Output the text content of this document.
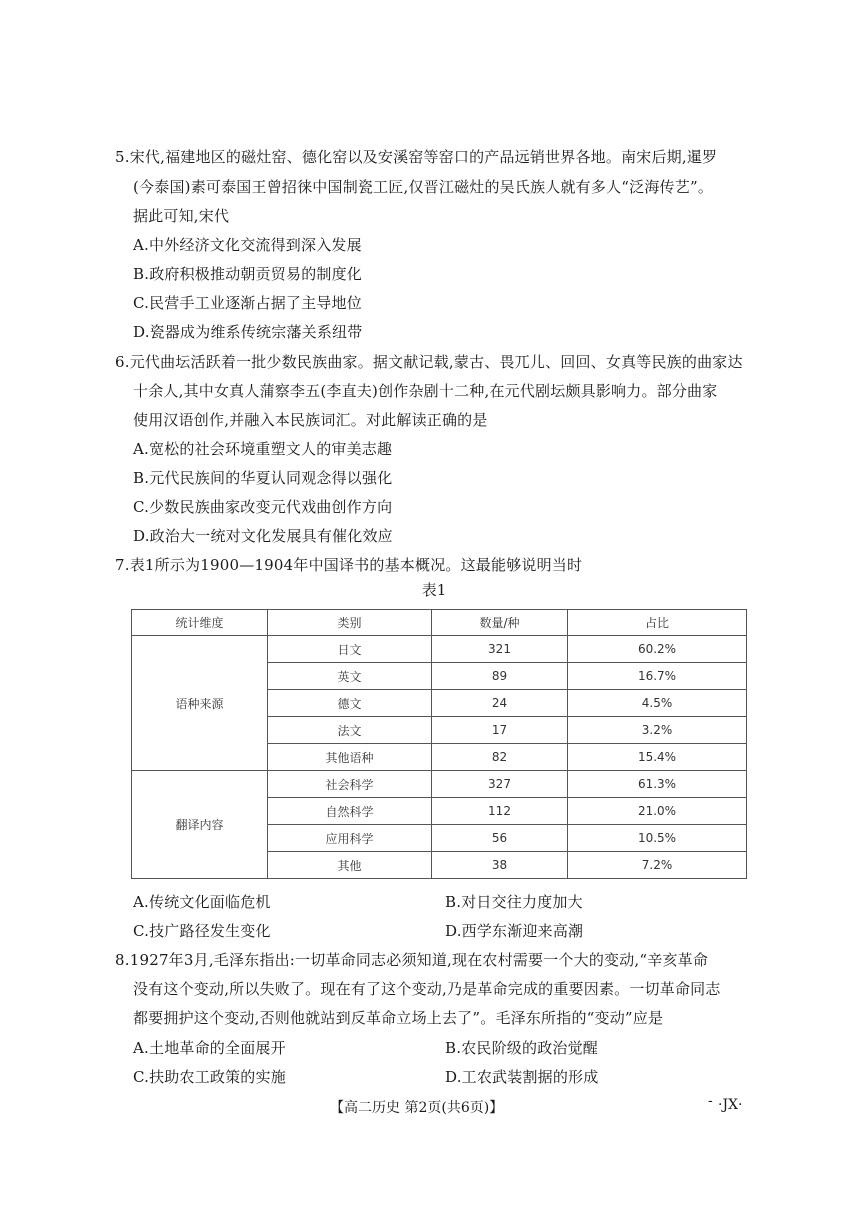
5.宋代,福建地区的磁灶窑、德化窑以及安溪窑等窑口的产品远销世界各地。南宋后期,暹罗
(今泰国)素可泰国王曾招徕中国制瓷工匠,仅晋江磁灶的吴氏族人就有多人“泛海传艺”。
据此可知,宋代
A.中外经济文化交流得到深入发展
B.政府积极推动朝贡贸易的制度化
C.民营手工业逐渐占据了主导地位
D.瓷器成为维系传统宗藩关系纽带
6.元代曲坛活跃着一批少数民族曲家。据文献记载,蒙古、畏兀儿、回回、女真等民族的曲家达
十余人,其中女真人蒲察李五(李直夫)创作杂剧十二种,在元代剧坛颇具影响力。部分曲家
使用汉语创作,并融入本民族词汇。对此解读正确的是
A.宽松的社会环境重塑文人的审美志趣
B.元代民族间的华夏认同观念得以强化
C.少数民族曲家改变元代戏曲创作方向
D.政治大一统对文化发展具有催化效应
7.表1所示为1900—1904年中国译书的基本概况。这最能够说明当时
表1
统计维度	类别	数量/种	占比
语种来源	日文	321	60.2%
	英文	89	16.7%
	德文	24	4.5%
	法文	17	3.2%
	其他语种	82	15.4%
翻译内容	社会科学	327	61.3%
	自然科学	112	21.0%
	应用科学	56	10.5%
	其他	38	7.2%
A.传统文化面临危机	B.对日交往力度加大
C.技广路径发生变化	D.西学东渐迎来高潮
8.1927年3月,毛泽东指出:一切革命同志必须知道,现在农村需要一个大的变动,“辛亥革命
没有这个变动,所以失败了。现在有了这个变动,乃是革命完成的重要因素。一切革命同志
都要拥护这个变动,否则他就站到反革命立场上去了”。毛泽东所指的“变动”应是
A.土地革命的全面展开	B.农民阶级的政治觉醒
C.扶助农工政策的实施	D.工农武装割据的形成
【高二历史 第2页(共6页)】	- ·JX·
